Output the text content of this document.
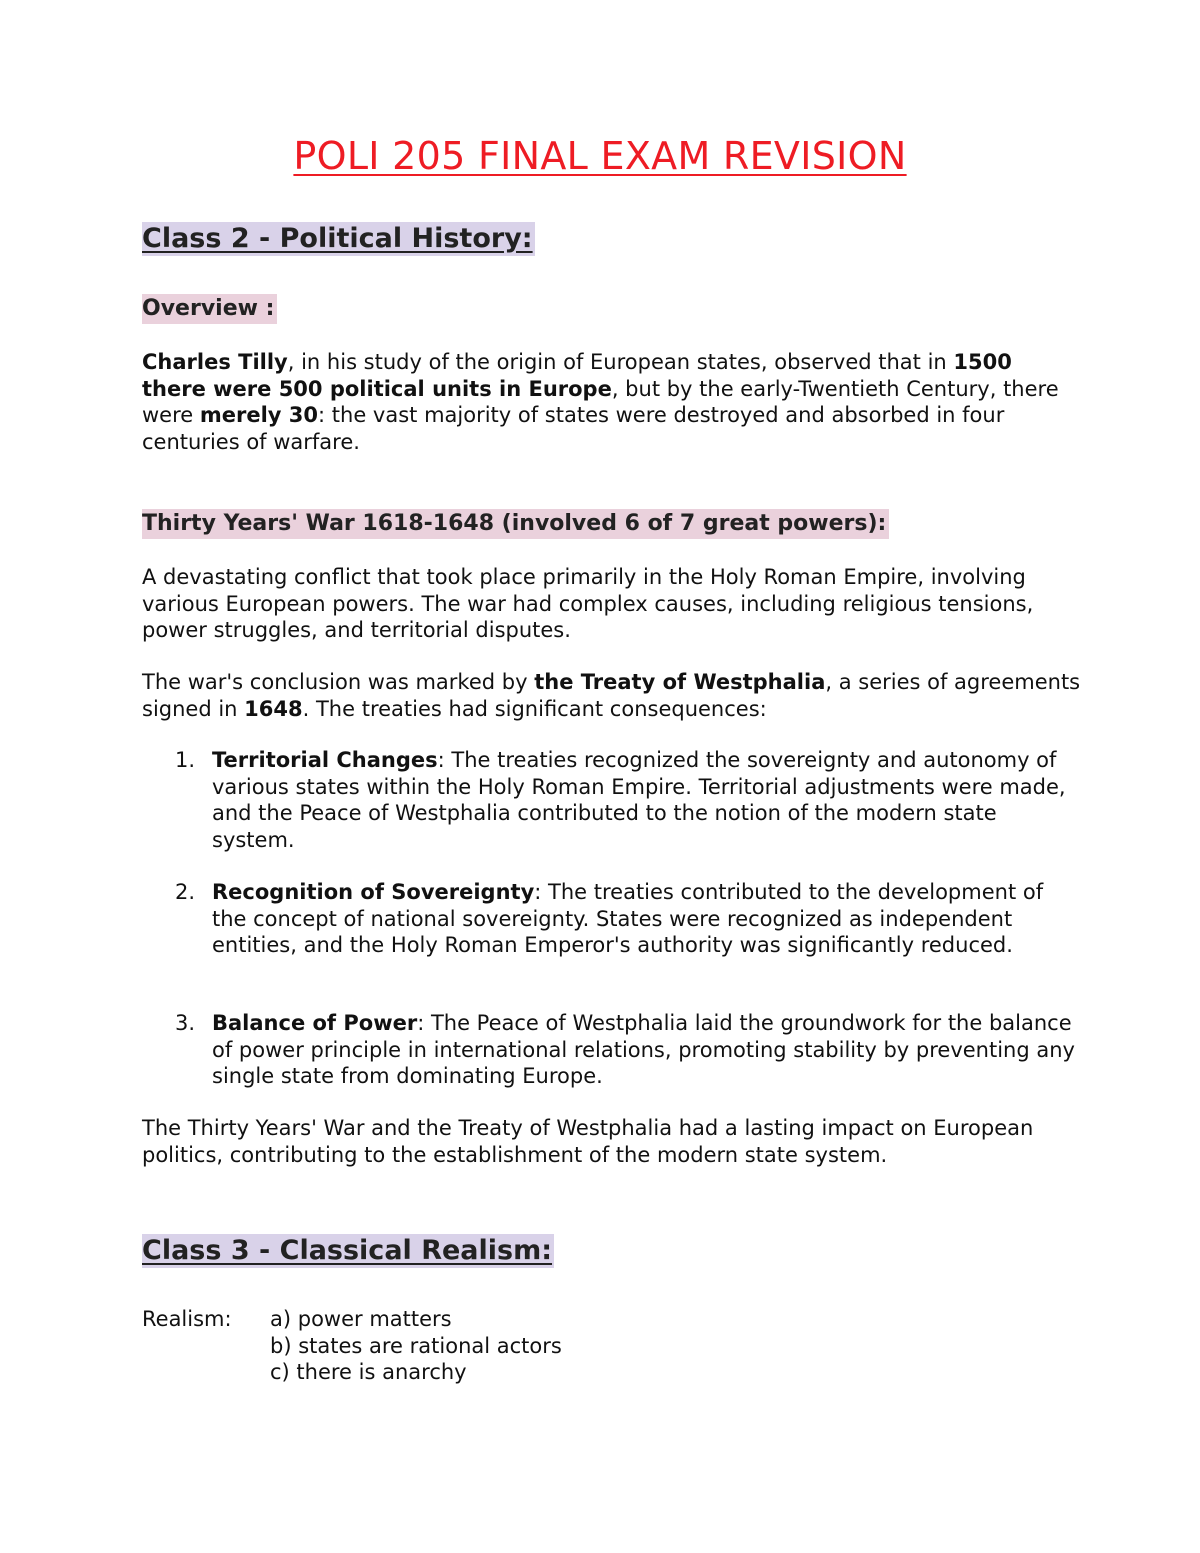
POLI 205 FINAL EXAM REVISION
Class 2 - Political History:
Overview :

Charles Tilly, in his study of the origin of European states, observed that in 1500 there were 500 political units in Europe, but by the early-Twentieth Century, there were merely 30: the vast majority of states were destroyed and absorbed in four centuries of warfare.

Thirty Years' War 1618-1648 (involved 6 of 7 great powers):

A devastating conflict that took place primarily in the Holy Roman Empire, involving various European powers. The war had complex causes, including religious tensions, power struggles, and territorial disputes.

The war's conclusion was marked by the Treaty of Westphalia, a series of agreements signed in 1648. The treaties had significant consequences:

1. Territorial Changes: The treaties recognized the sovereignty and autonomy of various states within the Holy Roman Empire. Territorial adjustments were made, and the Peace of Westphalia contributed to the notion of the modern state system.
2. Recognition of Sovereignty: The treaties contributed to the development of the concept of national sovereignty. States were recognized as independent entities, and the Holy Roman Emperor's authority was significantly reduced.
3. Balance of Power: The Peace of Westphalia laid the groundwork for the balance of power principle in international relations, promoting stability by preventing any single state from dominating Europe.

The Thirty Years' War and the Treaty of Westphalia had a lasting impact on European politics, contributing to the establishment of the modern state system.

Class 3 - Classical Realism:
Realism: a) power matters
b) states are rational actors
c) there is anarchy
